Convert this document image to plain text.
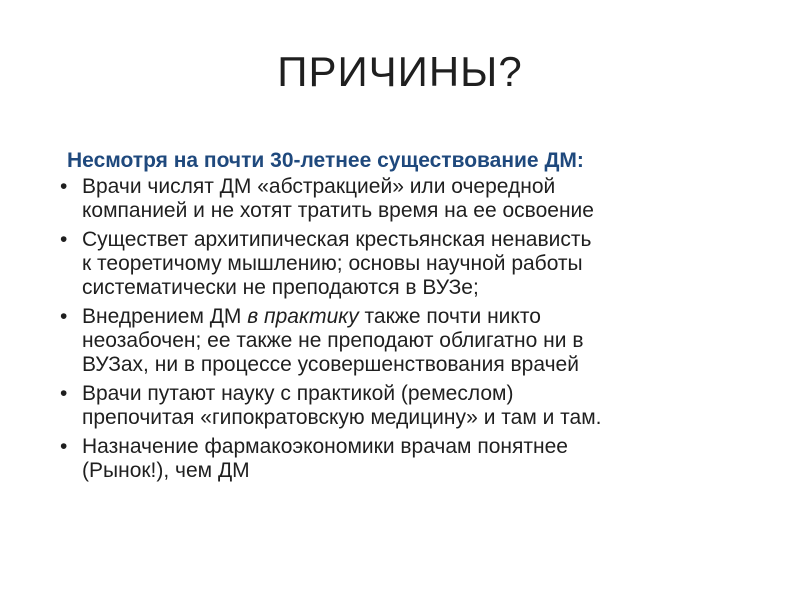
ПРИЧИНЫ?
Несмотря на почти 30-летнее существование ДМ:
• Врачи числят ДМ «абстракцией» или очередной
компанией и не хотят тратить время на ее освоение
• Существет архитипическая крестьянская ненависть
к теоретичому мышлению; основы научной работы
систематически не преподаются в ВУЗе;
• Внедрением ДМ в практику также почти никто
неозабочен; ее также не преподают облигатно ни в
ВУЗах, ни в процессе усовершенствования врачей
• Врачи путают науку с практикой (ремеслом)
препочитая «гипократовскую медицину» и там и там.
• Назначение фармакоэкономики врачам понятнее
(Рынок!), чем ДМ
